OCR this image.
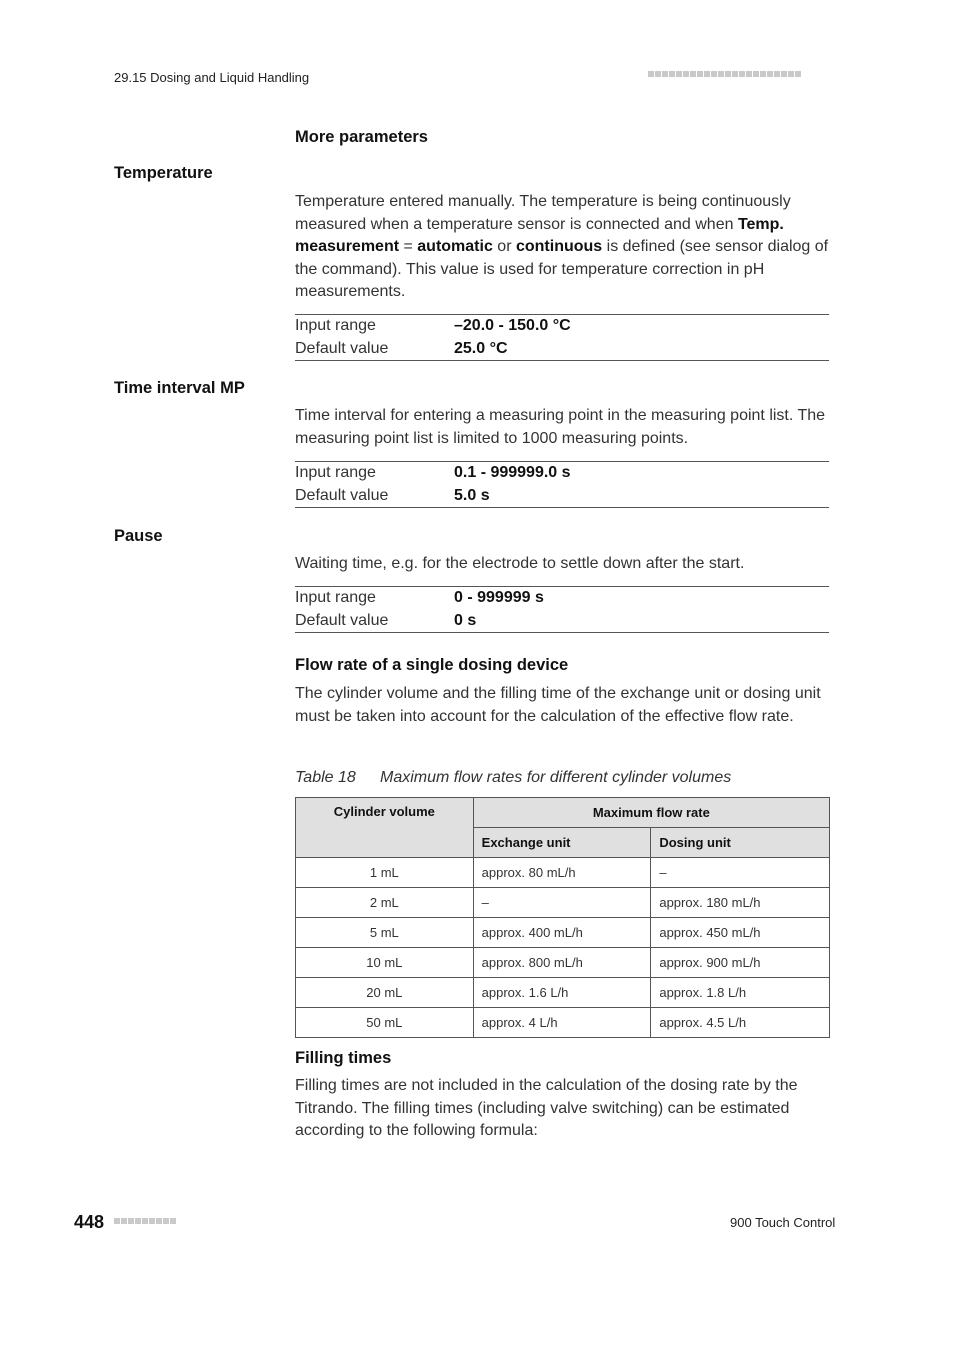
29.15 Dosing and Liquid Handling
More parameters
Temperature
Temperature entered manually. The temperature is being continuously measured when a temperature sensor is connected and when Temp. measurement = automatic or continuous is defined (see sensor dialog of the command). This value is used for temperature correction in pH measurements.
Input range	–20.0 - 150.0 °C
Default value	25.0 °C
Time interval MP
Time interval for entering a measuring point in the measuring point list. The measuring point list is limited to 1000 measuring points.
Input range	0.1 - 999999.0 s
Default value	5.0 s
Pause
Waiting time, e.g. for the electrode to settle down after the start.
Input range	0 - 999999 s
Default value	0 s
Flow rate of a single dosing device
The cylinder volume and the filling time of the exchange unit or dosing unit must be taken into account for the calculation of the effective flow rate.
Table 18 Maximum flow rates for different cylinder volumes
Cylinder volume	Maximum flow rate	
	Exchange unit	Dosing unit
1 mL	approx. 80 mL/h	–
2 mL	–	approx. 180 mL/h
5 mL	approx. 400 mL/h	approx. 450 mL/h
10 mL	approx. 800 mL/h	approx. 900 mL/h
20 mL	approx. 1.6 L/h	approx. 1.8 L/h
50 mL	approx. 4 L/h	approx. 4.5 L/h
Filling times
Filling times are not included in the calculation of the dosing rate by the Titrando. The filling times (including valve switching) can be estimated according to the following formula:
448	900 Touch Control
